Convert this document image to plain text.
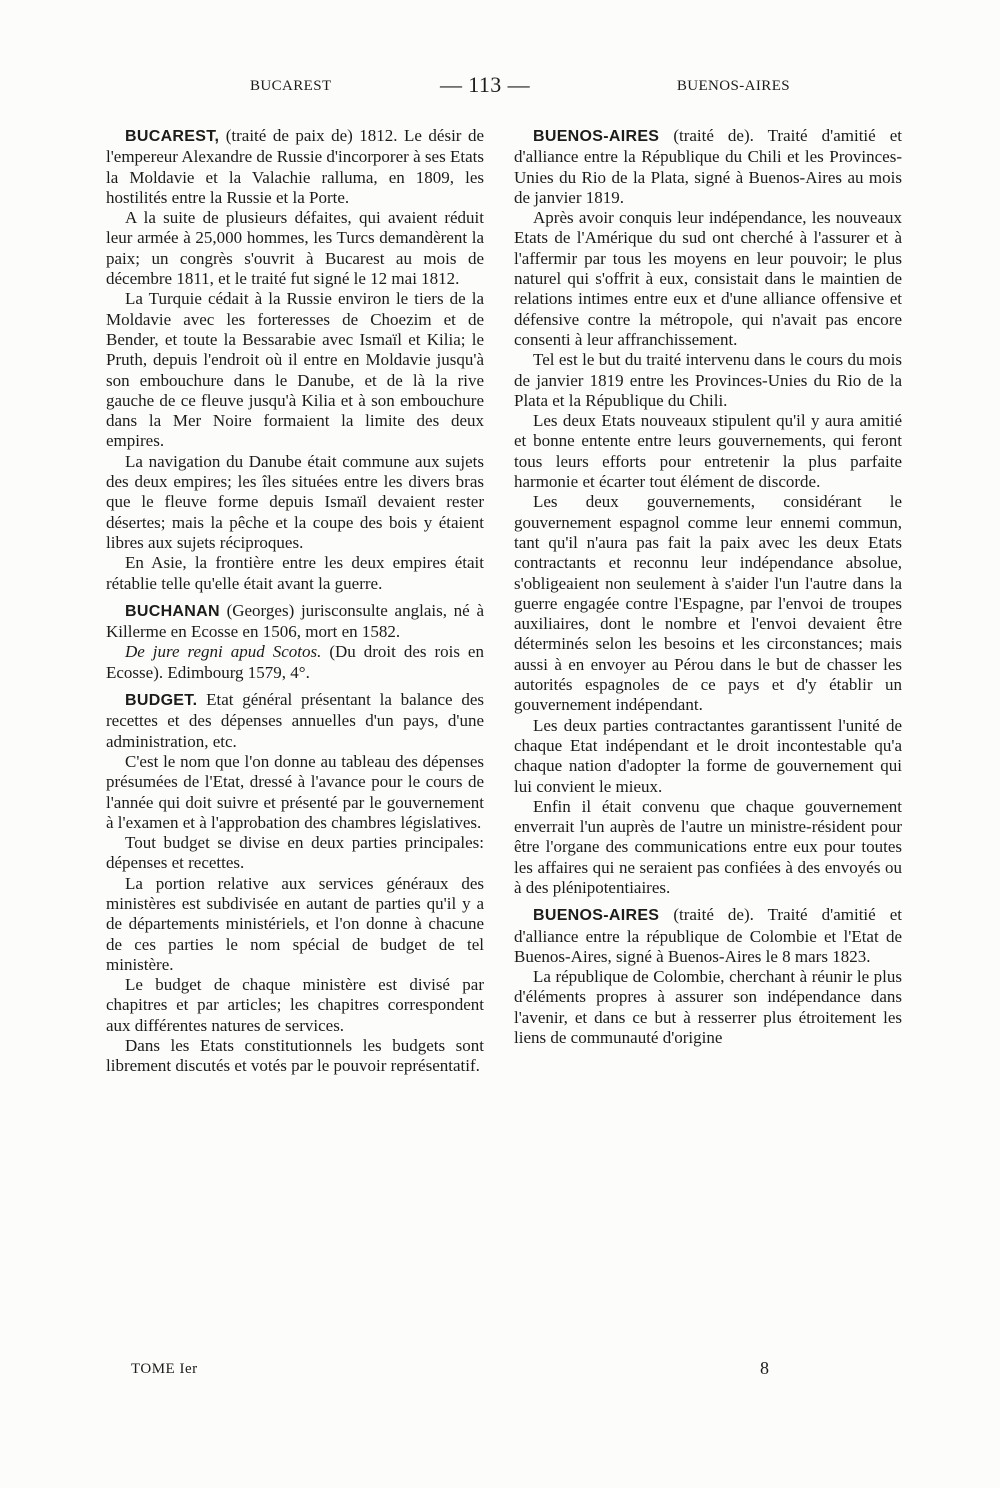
BUCAREST	— 113 —	BUENOS-AIRES

BUCAREST, (traité de paix de) 1812. Le désir de l'empereur Alexandre de Russie d'incorporer à ses Etats la Moldavie et la Valachie ralluma, en 1809, les hostilités entre la Russie et la Porte.

A la suite de plusieurs défaites, qui avaient réduit leur armée à 25,000 hommes, les Turcs demandèrent la paix; un congrès s'ouvrit à Bucarest au mois de décembre 1811, et le traité fut signé le 12 mai 1812.

La Turquie cédait à la Russie environ le tiers de la Moldavie avec les forteresses de Choezim et de Bender, et toute la Bessarabie avec Ismaïl et Kilia; le Pruth, depuis l'endroit où il entre en Moldavie jusqu'à son embouchure dans le Danube, et de là la rive gauche de ce fleuve jusqu'à Kilia et à son embouchure dans la Mer Noire formaient la limite des deux empires.

La navigation du Danube était commune aux sujets des deux empires; les îles situées entre les divers bras que le fleuve forme depuis Ismaïl devaient rester désertes; mais la pêche et la coupe des bois y étaient libres aux sujets réciproques.

En Asie, la frontière entre les deux empires était rétablie telle qu'elle était avant la guerre.

BUCHANAN (Georges) jurisconsulte anglais, né à Killerme en Ecosse en 1506, mort en 1582.

De jure regni apud Scotos. (Du droit des rois en Ecosse). Edimbourg 1579, 4°.

BUDGET. Etat général présentant la balance des recettes et des dépenses annuelles d'un pays, d'une administration, etc.

C'est le nom que l'on donne au tableau des dépenses présumées de l'Etat, dressé à l'avance pour le cours de l'année qui doit suivre et présenté par le gouvernement à l'examen et à l'approbation des chambres législatives.

Tout budget se divise en deux parties principales: dépenses et recettes.

La portion relative aux services généraux des ministères est subdivisée en autant de parties qu'il y a de départements ministériels, et l'on donne à chacune de ces parties le nom spécial de budget de tel ministère.

Le budget de chaque ministère est divisé par chapitres et par articles; les chapitres correspondent aux différentes natures de services.

Dans les Etats constitutionnels les budgets sont librement discutés et votés par le pouvoir représentatif.

BUENOS-AIRES (traité de). Traité d'amitié et d'alliance entre la République du Chili et les Provinces-Unies du Rio de la Plata, signé à Buenos-Aires au mois de janvier 1819.

Après avoir conquis leur indépendance, les nouveaux Etats de l'Amérique du sud ont cherché à l'assurer et à l'affermir par tous les moyens en leur pouvoir; le plus naturel qui s'offrit à eux, consistait dans le maintien de relations intimes entre eux et d'une alliance offensive et défensive contre la métropole, qui n'avait pas encore consenti à leur affranchissement.

Tel est le but du traité intervenu dans le cours du mois de janvier 1819 entre les Provinces-Unies du Rio de la Plata et la République du Chili.

Les deux Etats nouveaux stipulent qu'il y aura amitié et bonne entente entre leurs gouvernements, qui feront tous leurs efforts pour entretenir la plus parfaite harmonie et écarter tout élément de discorde.

Les deux gouvernements, considérant le gouvernement espagnol comme leur ennemi commun, tant qu'il n'aura pas fait la paix avec les deux Etats contractants et reconnu leur indépendance absolue, s'obligeaient non seulement à s'aider l'un l'autre dans la guerre engagée contre l'Espagne, par l'envoi de troupes auxiliaires, dont le nombre et l'envoi devaient être déterminés selon les besoins et les circonstances; mais aussi à en envoyer au Pérou dans le but de chasser les autorités espagnoles de ce pays et d'y établir un gouvernement indépendant.

Les deux parties contractantes garantissent l'unité de chaque Etat indépendant et le droit incontestable qu'a chaque nation d'adopter la forme de gouvernement qui lui convient le mieux.

Enfin il était convenu que chaque gouvernement enverrait l'un auprès de l'autre un ministre-résident pour être l'organe des communications entre eux pour toutes les affaires qui ne seraient pas confiées à des envoyés ou à des plénipotentiaires.

BUENOS-AIRES (traité de). Traité d'amitié et d'alliance entre la république de Colombie et l'Etat de Buenos-Aires, signé à Buenos-Aires le 8 mars 1823.

La république de Colombie, cherchant à réunir le plus d'éléments propres à assurer son indépendance dans l'avenir, et dans ce but à resserrer plus étroitement les liens de communauté d'origine

TOME Ier	8
